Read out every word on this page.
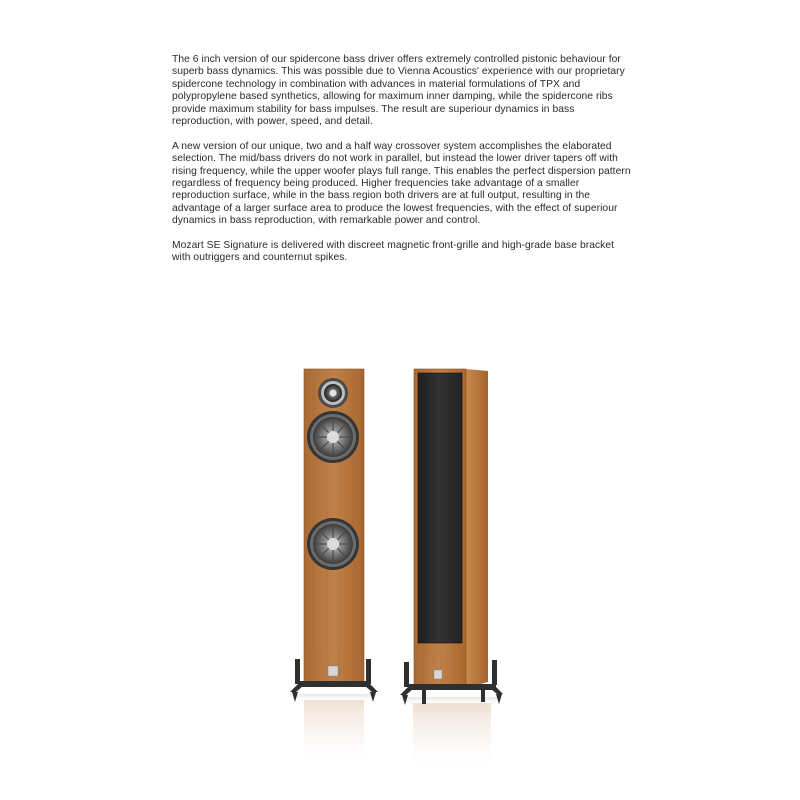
The 6 inch version of our spidercone bass driver offers extremely controlled pistonic behaviour for superb bass dynamics. This was possible due to Vienna Acoustics' experience with our proprietary spidercone technology in combination with advances in material formulations of TPX and polypropylene based synthetics, allowing for maximum inner damping, while the spidercone ribs provide maximum stability for bass impulses. The result are superiour dynamics in bass reproduction, with power, speed, and detail.

A new version of our unique, two and a half way crossover system accomplishes the elaborated selection. The mid/bass drivers do not work in parallel, but instead the lower driver tapers off with rising frequency, while the upper woofer plays full range. This enables the perfect dispersion pattern regardless of frequency being produced. Higher frequencies take advantage of a smaller reproduction surface, while in the bass region both drivers are at full output, resulting in the advantage of a larger surface area to produce the lowest frequencies, with the effect of superiour dynamics in bass reproduction, with remarkable power and control.

Mozart SE Signature is delivered with discreet magnetic front-grille and high-grade base bracket with outriggers and counternut spikes.
